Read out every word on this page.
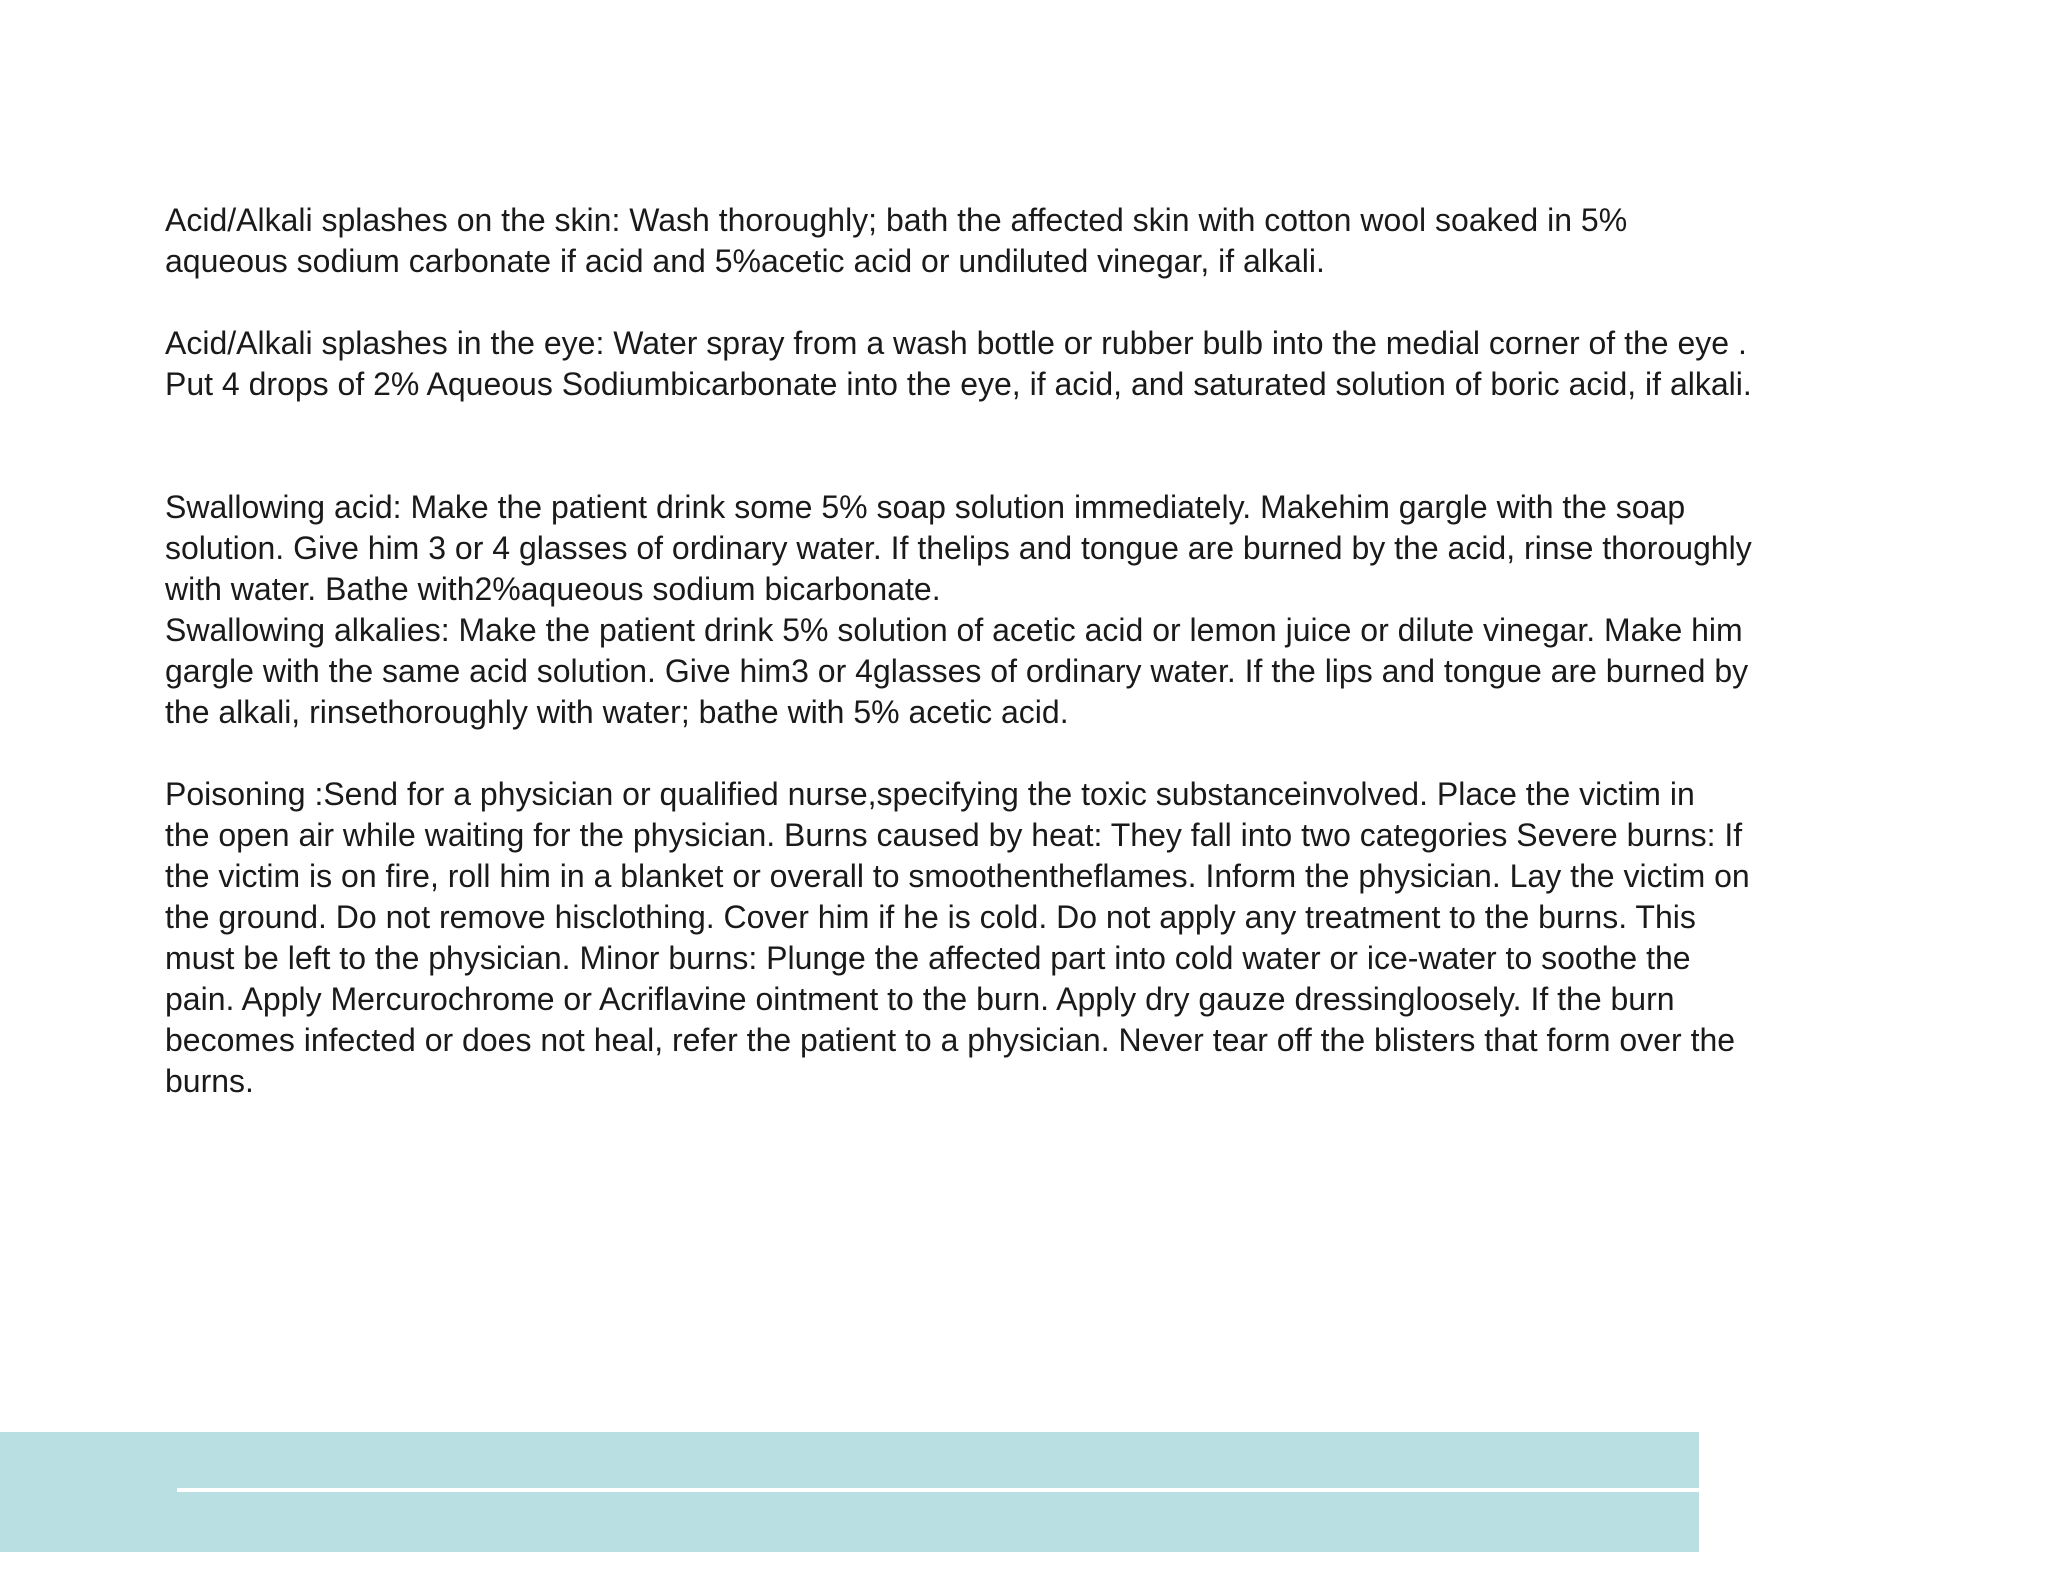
Acid/Alkali splashes on the skin: Wash thoroughly; bath the affected skin with cotton wool soaked in 5%
aqueous sodium carbonate if acid and 5%acetic acid or undiluted vinegar, if alkali.

Acid/Alkali splashes in the eye: Water spray from a wash bottle or rubber bulb into the medial corner of the eye .
Put 4 drops of 2% Aqueous Sodiumbicarbonate into the eye, if acid, and saturated solution of boric acid, if alkali.

Swallowing acid: Make the patient drink some 5% soap solution immediately. Makehim gargle with the soap
solution. Give him 3 or 4 glasses of ordinary water. If thelips and tongue are burned by the acid, rinse thoroughly
with water. Bathe with2%aqueous sodium bicarbonate.

Swallowing alkalies: Make the patient drink 5% solution of acetic acid or lemon juice or dilute vinegar. Make him
gargle with the same acid solution. Give him3 or 4glasses of ordinary water. If the lips and tongue are burned by
the alkali, rinsethoroughly with water; bathe with 5% acetic acid.

Poisoning :Send for a physician or qualified nurse,specifying the toxic substanceinvolved. Place the victim in
the open air while waiting for the physician. Burns caused by heat: They fall into two categories Severe burns: If
the victim is on fire, roll him in a blanket or overall to smoothentheflames. Inform the physician. Lay the victim on
the ground. Do not remove hisclothing. Cover him if he is cold. Do not apply any treatment to the burns. This
must be left to the physician. Minor burns: Plunge the affected part into cold water or ice-water to soothe the
pain. Apply Mercurochrome or Acriflavine ointment to the burn. Apply dry gauze dressingloosely. If the burn
becomes infected or does not heal, refer the patient to a physician. Never tear off the blisters that form over the
burns.
